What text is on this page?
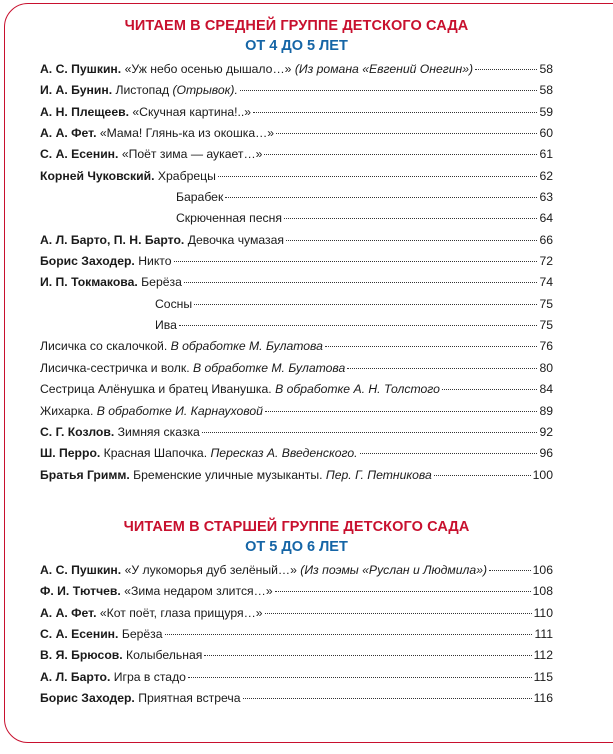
ЧИТАЕМ В СРЕДНЕЙ ГРУППЕ ДЕТСКОГО САДА
ОТ 4 ДО 5 ЛЕТ
А. С. Пушкин. «Уж небо осенью дышало…» (Из романа «Евгений Онегин»)	58
И. А. Бунин. Листопад (Отрывок).	58
А. Н. Плещеев. «Скучная картина!..»	59
А. А. Фет. «Мама! Глянь-ка из окошка…»	60
С. А. Есенин. «Поёт зима — аукает…»	61
Корней Чуковский. Храбрецы	62
Барабек	63
Скрюченная песня	64
А. Л. Барто, П. Н. Барто. Девочка чумазая	66
Борис Заходер. Никто	72
И. П. Токмакова. Берёза	74
Сосны	75
Ива	75
Лисичка со скалочкой. В обработке М. Булатова	76
Лисичка-сестричка и волк. В обработке М. Булатова	80
Сестрица Алёнушка и братец Иванушка. В обработке А. Н. Толстого	84
Жихарка. В обработке И. Карнауховой	89
С. Г. Козлов. Зимняя сказка	92
Ш. Перро. Красная Шапочка. Пересказ А. Введенского.	96
Братья Гримм. Бременские уличные музыканты. Пер. Г. Петникова	100
ЧИТАЕМ В СТАРШЕЙ ГРУППЕ ДЕТСКОГО САДА
ОТ 5 ДО 6 ЛЕТ
А. С. Пушкин. «У лукоморья дуб зелёный…» (Из поэмы «Руслан и Людмила»)	106
Ф. И. Тютчев. «Зима недаром злится…»	108
А. А. Фет. «Кот поёт, глаза прищуря…»	110
С. А. Есенин. Берёза	111
В. Я. Брюсов. Колыбельная	112
А. Л. Барто. Игра в стадо	115
Борис Заходер. Приятная встреча	116
